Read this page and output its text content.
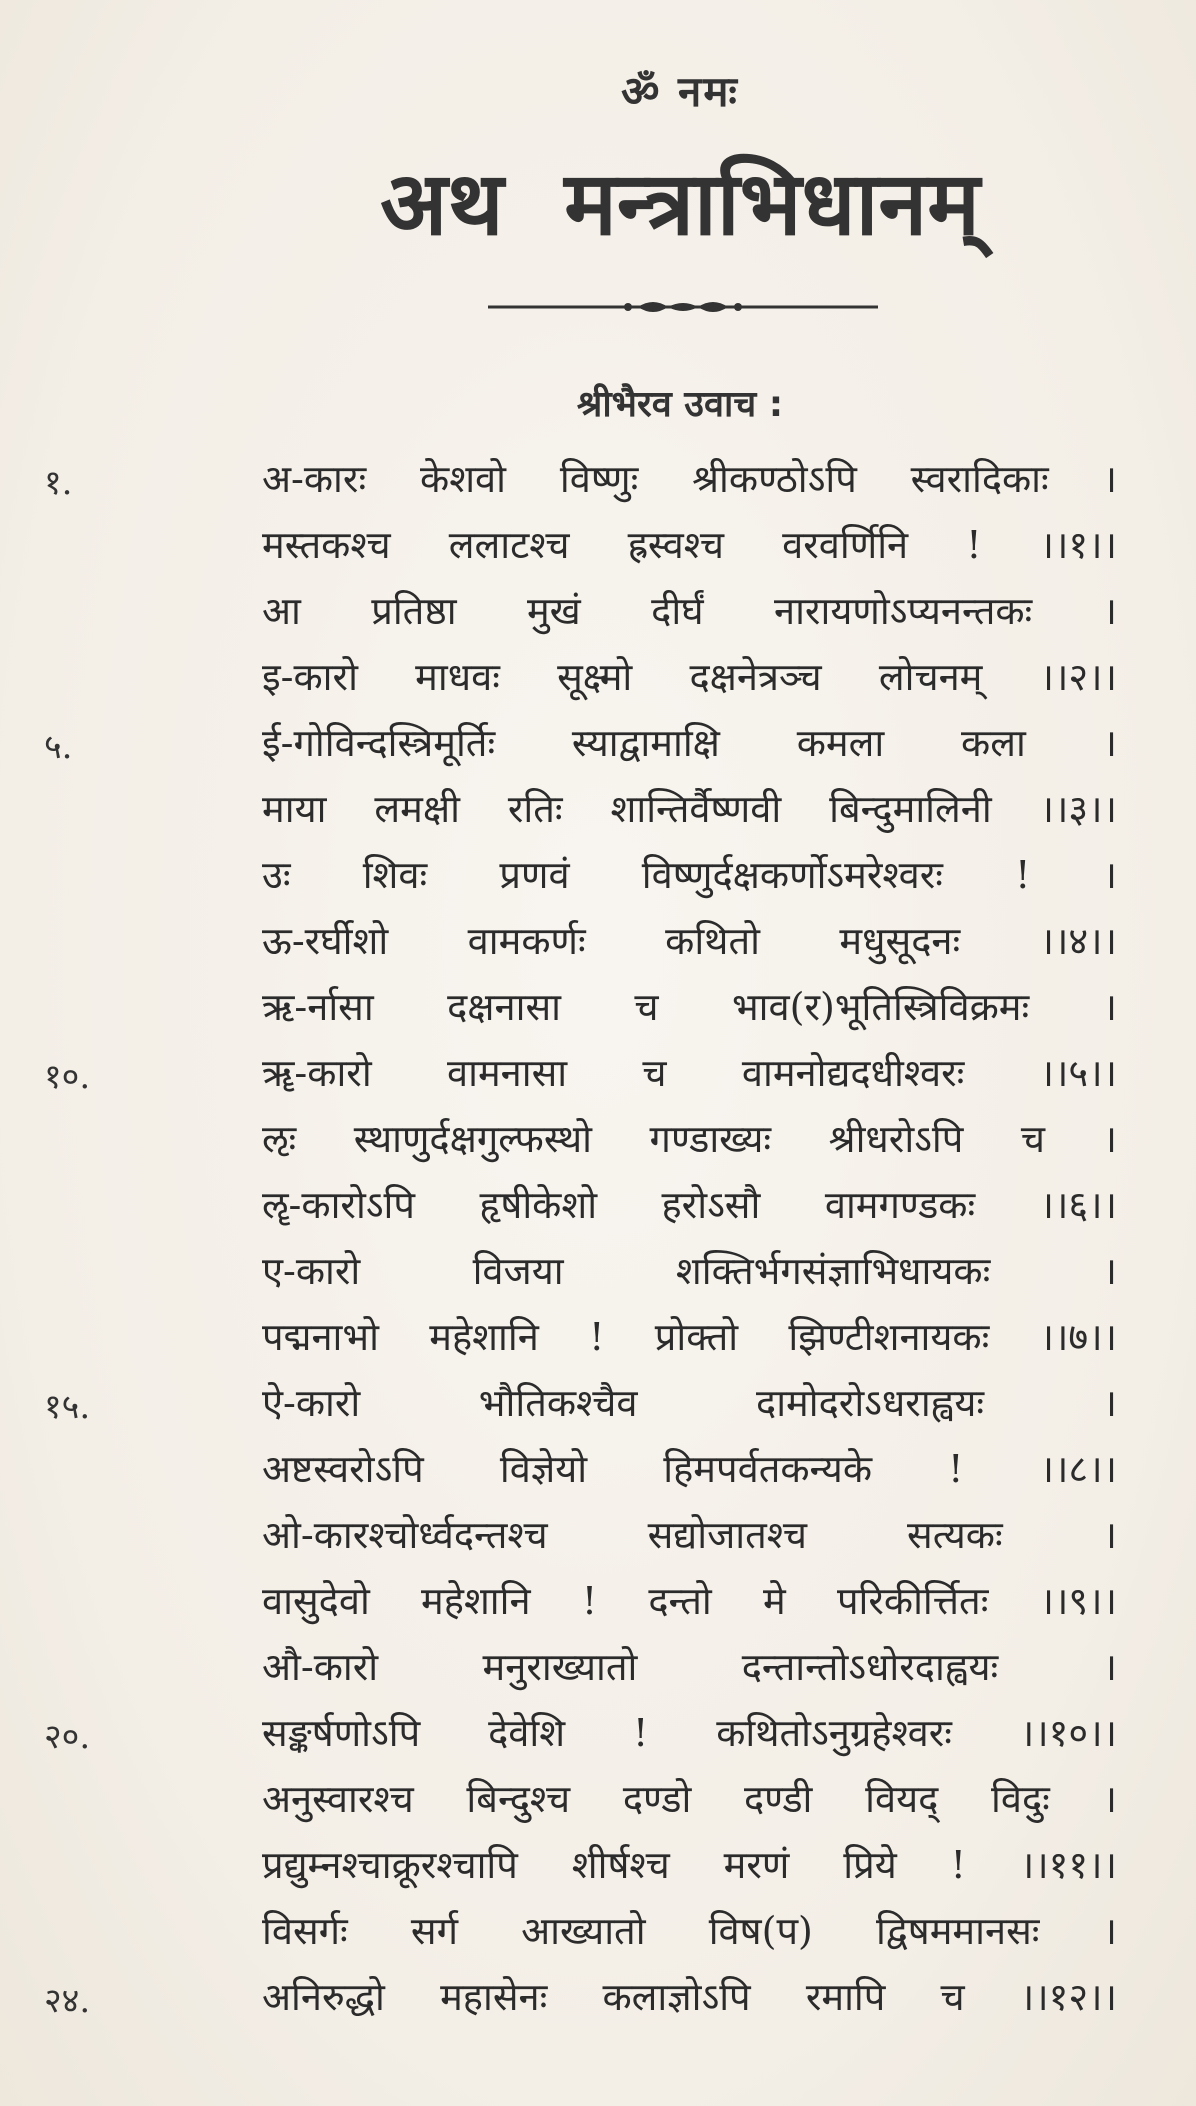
ॐ नमः
अथ मन्त्राभिधानम्
श्रीभैरव उवाच :
१.	अ-कारः केशवो विष्णुः श्रीकण्ठोऽपि स्वरादिकाः ।
मस्तकश्च ललाटश्च ह्रस्वश्च वरवर्णिनि ! ।।१।।
आ प्रतिष्ठा मुखं दीर्घं नारायणोऽप्यनन्तकः ।
इ-कारो माधवः सूक्ष्मो दक्षनेत्रञ्च लोचनम् ।।२।।
५.	ई-गोविन्दस्त्रिमूर्तिः स्याद्वामाक्षि कमला कला ।
माया लमक्षी रतिः शान्तिर्वैष्णवी बिन्दुमालिनी ।।३।।
उः शिवः प्रणवं विष्णुर्दक्षकर्णोऽमरेश्वरः ! ।
ऊ-रर्घीशो वामकर्णः कथितो मधुसूदनः ।।४।।
ऋ-र्नासा दक्षनासा च भाव(र)भूतिस्त्रिविक्रमः ।
१०.	ॠ-कारो वामनासा च वामनोद्यदधीश्वरः ।।५।।
ऌः स्थाणुर्दक्षगुल्फस्थो गण्डाख्यः श्रीधरोऽपि च ।
ॡ-कारोऽपि हृषीकेशो हरोऽसौ वामगण्डकः ।।६।।
ए-कारो विजया शक्तिर्भगसंज्ञाभिधायकः ।
पद्मनाभो महेशानि ! प्रोक्तो झिण्टीशनायकः ।।७।।
१५.	ऐ-कारो भौतिकश्चैव दामोदरोऽधराह्वयः ।
अष्टस्वरोऽपि विज्ञेयो हिमपर्वतकन्यके ! ।।८।।
ओ-कारश्चोर्ध्वदन्तश्च सद्योजातश्च सत्यकः ।
वासुदेवो महेशानि ! दन्तो मे परिकीर्त्तितः ।।९।।
औ-कारो मनुराख्यातो दन्तान्तोऽधोरदाह्वयः ।
२०.	सङ्कर्षणोऽपि देवेशि ! कथितोऽनुग्रहेश्वरः ।।१०।।
अनुस्वारश्च बिन्दुश्च दण्डो दण्डी वियद् विदुः ।
प्रद्युम्नश्चाक्रूरश्चापि शीर्षश्च मरणं प्रिये ! ।।११।।
विसर्गः सर्ग आख्यातो विष(प) द्विषममानसः ।
२४.	अनिरुद्धो महासेनः कलाज्ञोऽपि रमापि च ।।१२।।
